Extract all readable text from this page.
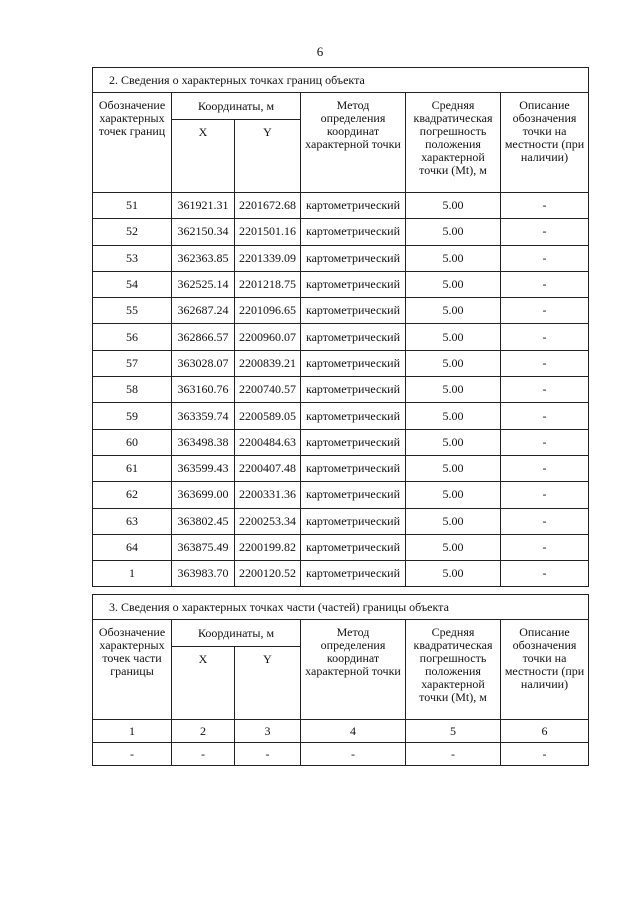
6
2. Сведения о характерных точках границ объекта					
Обозначение характерных точек границ	Координаты, м		Метод определения координат характерной точки	Средняя квадратическая погрешность положения характерной точки (Mt), м	Описание обозначения точки на местности (при наличии)
	X	Y			
51	361921.31	2201672.68	картометрический	5.00	-
52	362150.34	2201501.16	картометрический	5.00	-
53	362363.85	2201339.09	картометрический	5.00	-
54	362525.14	2201218.75	картометрический	5.00	-
55	362687.24	2201096.65	картометрический	5.00	-
56	362866.57	2200960.07	картометрический	5.00	-
57	363028.07	2200839.21	картометрический	5.00	-
58	363160.76	2200740.57	картометрический	5.00	-
59	363359.74	2200589.05	картометрический	5.00	-
60	363498.38	2200484.63	картометрический	5.00	-
61	363599.43	2200407.48	картометрический	5.00	-
62	363699.00	2200331.36	картометрический	5.00	-
63	363802.45	2200253.34	картометрический	5.00	-
64	363875.49	2200199.82	картометрический	5.00	-
1	363983.70	2200120.52	картометрический	5.00	-
3. Сведения о характерных точках части (частей) границы объекта					
Обозначение характерных точек части границы	Координаты, м		Метод определения координат характерной точки	Средняя квадратическая погрешность положения характерной точки (Mt), м	Описание обозначения точки на местности (при наличии)
	X	Y			
1	2	3	4	5	6
-	-	-	-	-	-
